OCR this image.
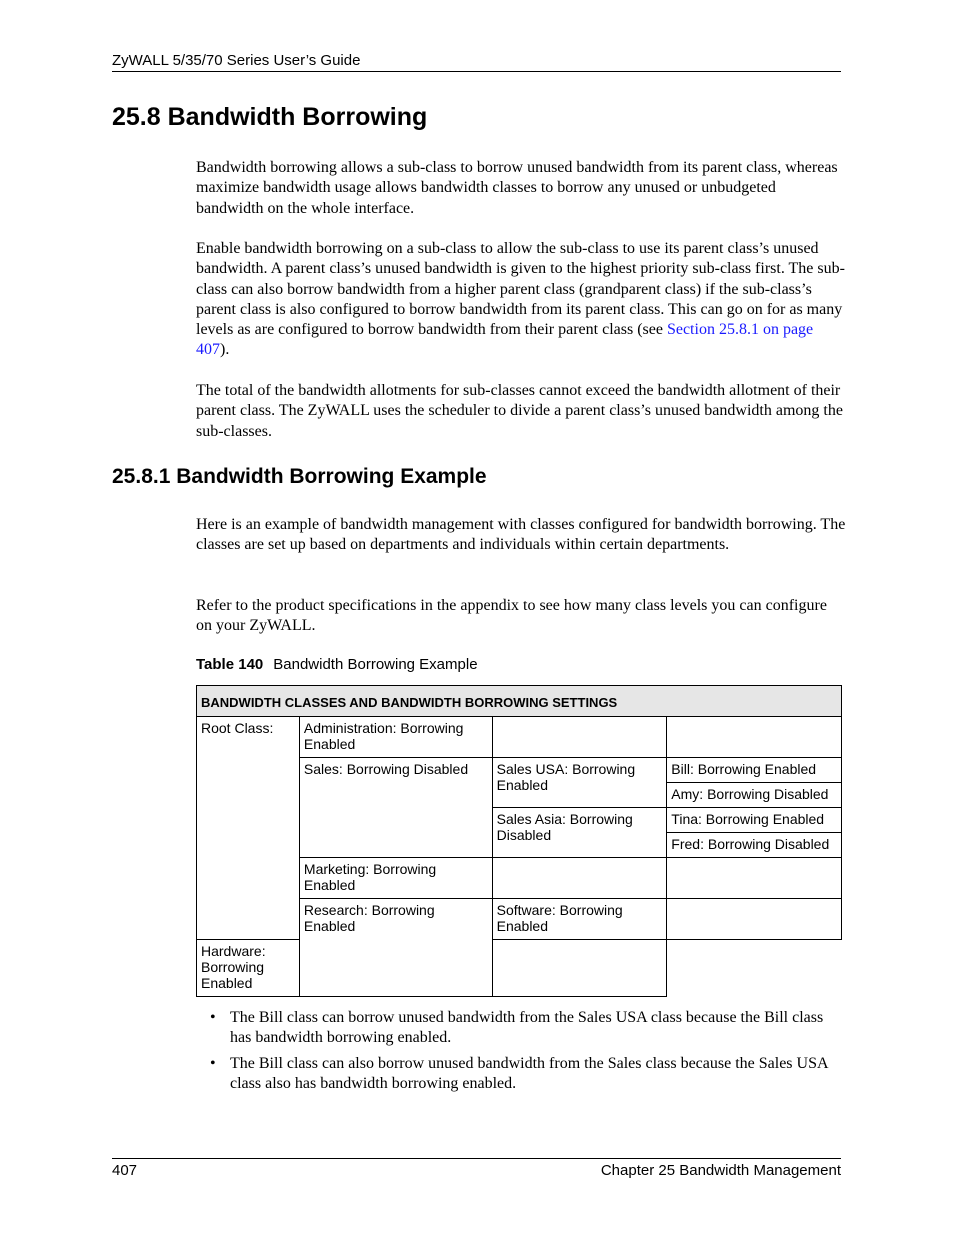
ZyWALL 5/35/70 Series User’s Guide
25.8 Bandwidth Borrowing

Bandwidth borrowing allows a sub-class to borrow unused bandwidth from its parent class, whereas maximize bandwidth usage allows bandwidth classes to borrow any unused or unbudgeted bandwidth on the whole interface.

Enable bandwidth borrowing on a sub-class to allow the sub-class to use its parent class’s unused bandwidth. A parent class’s unused bandwidth is given to the highest priority sub-class first. The sub-class can also borrow bandwidth from a higher parent class (grandparent class) if the sub-class’s parent class is also configured to borrow bandwidth from its parent class. This can go on for as many levels as are configured to borrow bandwidth from their parent class (see Section 25.8.1 on page 407).

The total of the bandwidth allotments for sub-classes cannot exceed the bandwidth allotment of their parent class. The ZyWALL uses the scheduler to divide a parent class’s unused bandwidth among the sub-classes.

25.8.1 Bandwidth Borrowing Example

Here is an example of bandwidth management with classes configured for bandwidth borrowing. The classes are set up based on departments and individuals within certain departments.

Refer to the product specifications in the appendix to see how many class levels you can configure on your ZyWALL.

Table 140 Bandwidth Borrowing Example
BANDWIDTH CLASSES AND BANDWIDTH BORROWING SETTINGS			
Root Class:	Administration: Borrowing Enabled		
	Sales: Borrowing Disabled	Sales USA: Borrowing Enabled	Bill: Borrowing Enabled
			Amy: Borrowing Disabled
		Sales Asia: Borrowing Disabled	Tina: Borrowing Enabled
			Fred: Borrowing Disabled
	Marketing: Borrowing Enabled		
	Research: Borrowing Enabled	Software: Borrowing Enabled	
Hardware: Borrowing Enabled			
• The Bill class can borrow unused bandwidth from the Sales USA class because the Bill class has bandwidth borrowing enabled.
• The Bill class can also borrow unused bandwidth from the Sales class because the Sales USA class also has bandwidth borrowing enabled.
407	Chapter 25 Bandwidth Management
